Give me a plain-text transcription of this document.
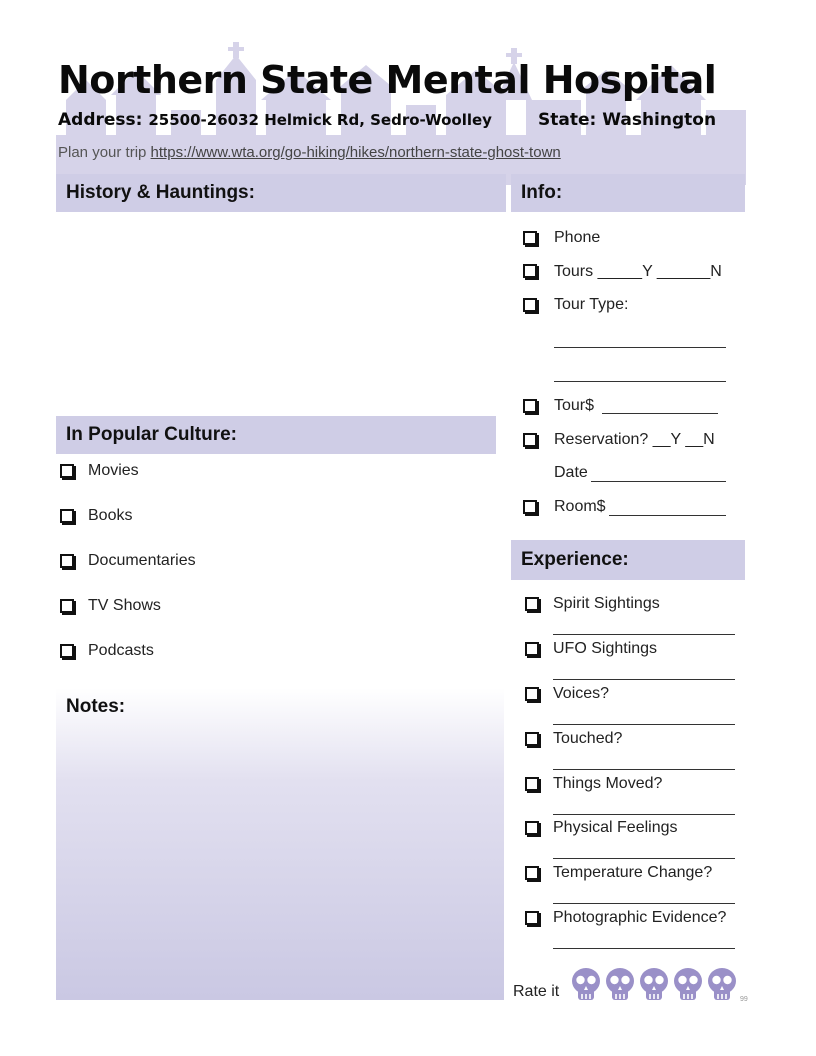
Northern State Mental Hospital
Address: 25500-26032 Helmick Rd, Sedro-Woolley	State: Washington
Plan your trip https://www.wta.org/go-hiking/hikes/northern-state-ghost-town
History & Hauntings:	Info:
In Popular Culture:
Experience:
Phone
Tours _____Y ______N
Tour Type:
Tour$
Reservation? __Y __N
Date
Room$
Movies
Books
Documentaries
TV Shows
Podcasts
Notes:
Spirit Sightings
UFO Sightings
Voices?
Touched?
Things Moved?
Physical Feelings
Temperature Change?
Photographic Evidence?
Rate it	99
